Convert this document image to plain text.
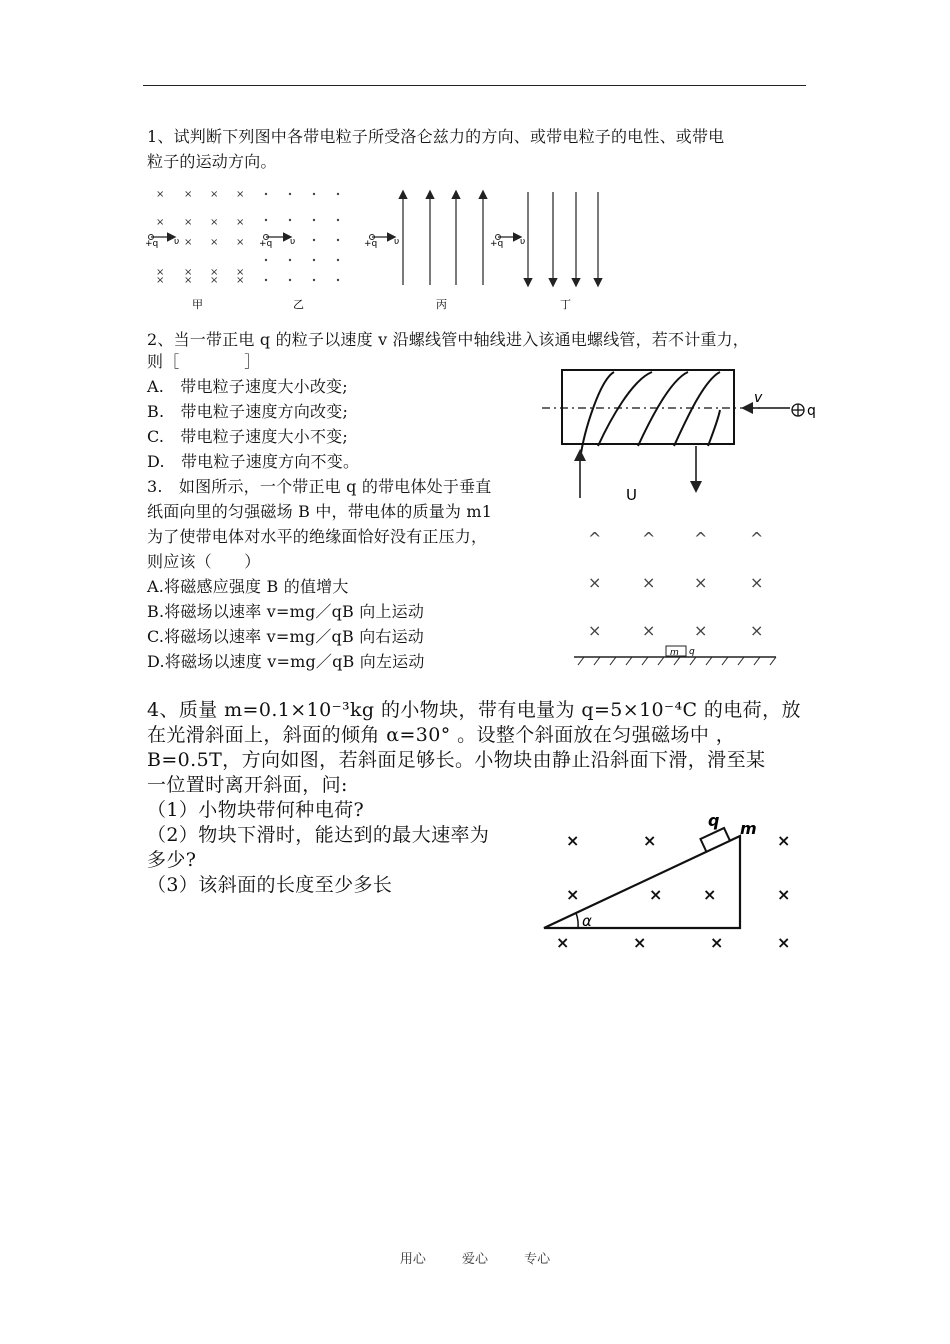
1、试判断下列图中各带电粒子所受洛仑兹力的方向、或带电粒子的电性、或带电
粒子的运动方向。
× × × ×
× × × ×
× × ×
× × × ×
× × × ×
+q υ	+q υ	+q υ	+q υ
甲	乙	丙	丁
2、当一带正电 q 的粒子以速度 v 沿螺线管中轴线进入该通电螺线管，若不计重力，
则［　　　　］
A.　带电粒子速度大小改变;
B.　带电粒子速度方向改变;
C.　带电粒子速度大小不变;
D.　带电粒子速度方向不变。
U
v
q
3.　如图所示，一个带正电 q 的带电体处于垂直
纸面向里的匀强磁场 B 中，带电体的质量为 m1
为了使带电体对水平的绝缘面恰好没有正压力，
则应该（　　）
A.将磁感应强度 B 的值增大
B.将磁场以速率 v=mg／qB 向上运动
C.将磁场以速率 v=mg／qB 向右运动
D.将磁场以速度 v=mg／qB 向左运动
^	^ ^	^
×	× ×	×
×	× ×	×
m q
4、质量 m=0.1×10⁻³kg 的小物块，带有电量为 q=5×10⁻⁴C 的电荷，放
在光滑斜面上，斜面的倾角 α=30° 。设整个斜面放在匀强磁场中 ，
B=0.5T，方向如图，若斜面足够长。小物块由静止沿斜面下滑，滑至某
一位置时离开斜面，问:
（1）小物块带何种电荷?
（2）物块下滑时，能达到的最大速率为
多少?
（3）该斜面的长度至少多长
α
q m
×	×	×
×	×	×	×
×	×	×	×
用心	爱心	专心
